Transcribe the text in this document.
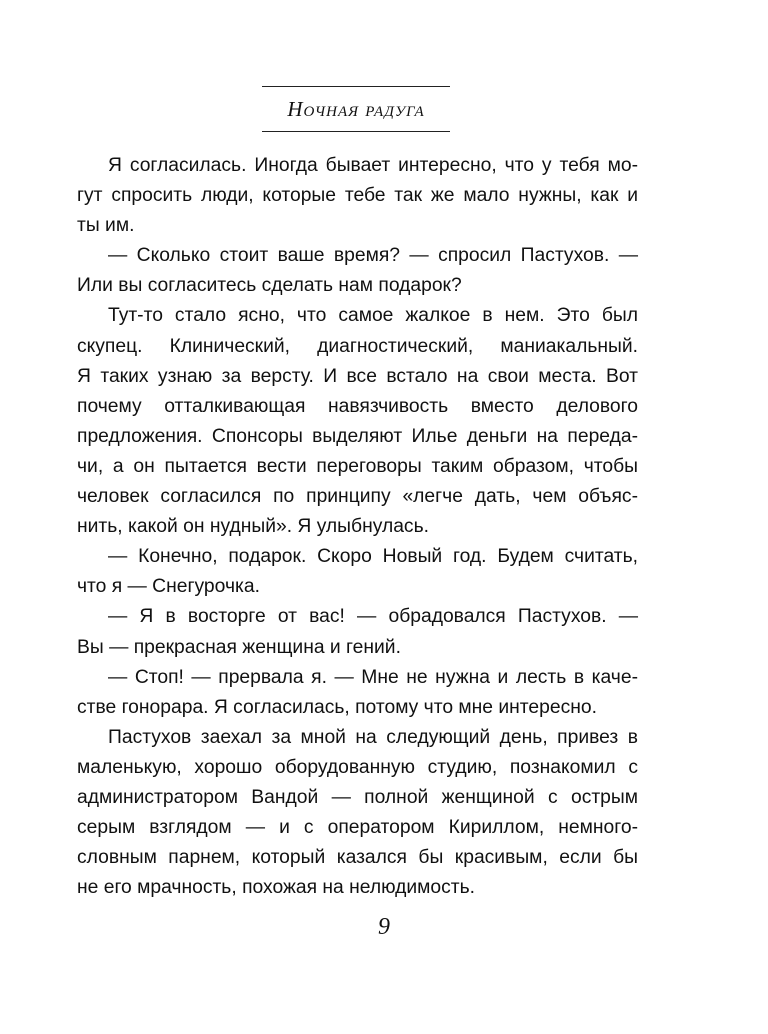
Ночная радуга
Я согласилась. Иногда бывает интересно, что у тебя мо-
гут спросить люди, которые тебе так же мало нужны, как и
ты им.
— Сколько стоит ваше время? — спросил Пастухов. —
Или вы согласитесь сделать нам подарок?
Тут-то стало ясно, что самое жалкое в нем. Это был
скупец. Клинический, диагностический, маниакальный.
Я таких узнаю за версту. И все встало на свои места. Вот
почему отталкивающая навязчивость вместо делового
предложения. Спонсоры выделяют Илье деньги на переда-
чи, а он пытается вести переговоры таким образом, чтобы
человек согласился по принципу «легче дать, чем объяс-
нить, какой он нудный». Я улыбнулась.
— Конечно, подарок. Скоро Новый год. Будем считать,
что я — Снегурочка.
— Я в восторге от вас! — обрадовался Пастухов. —
Вы — прекрасная женщина и гений.
— Стоп! — прервала я. — Мне не нужна и лесть в каче-
стве гонорара. Я согласилась, потому что мне интересно.
Пастухов заехал за мной на следующий день, привез в
маленькую, хорошо оборудованную студию, познакомил с
администратором Вандой — полной женщиной с острым
серым взглядом — и с оператором Кириллом, немного-
словным парнем, который казался бы красивым, если бы
не его мрачность, похожая на нелюдимость.
9
